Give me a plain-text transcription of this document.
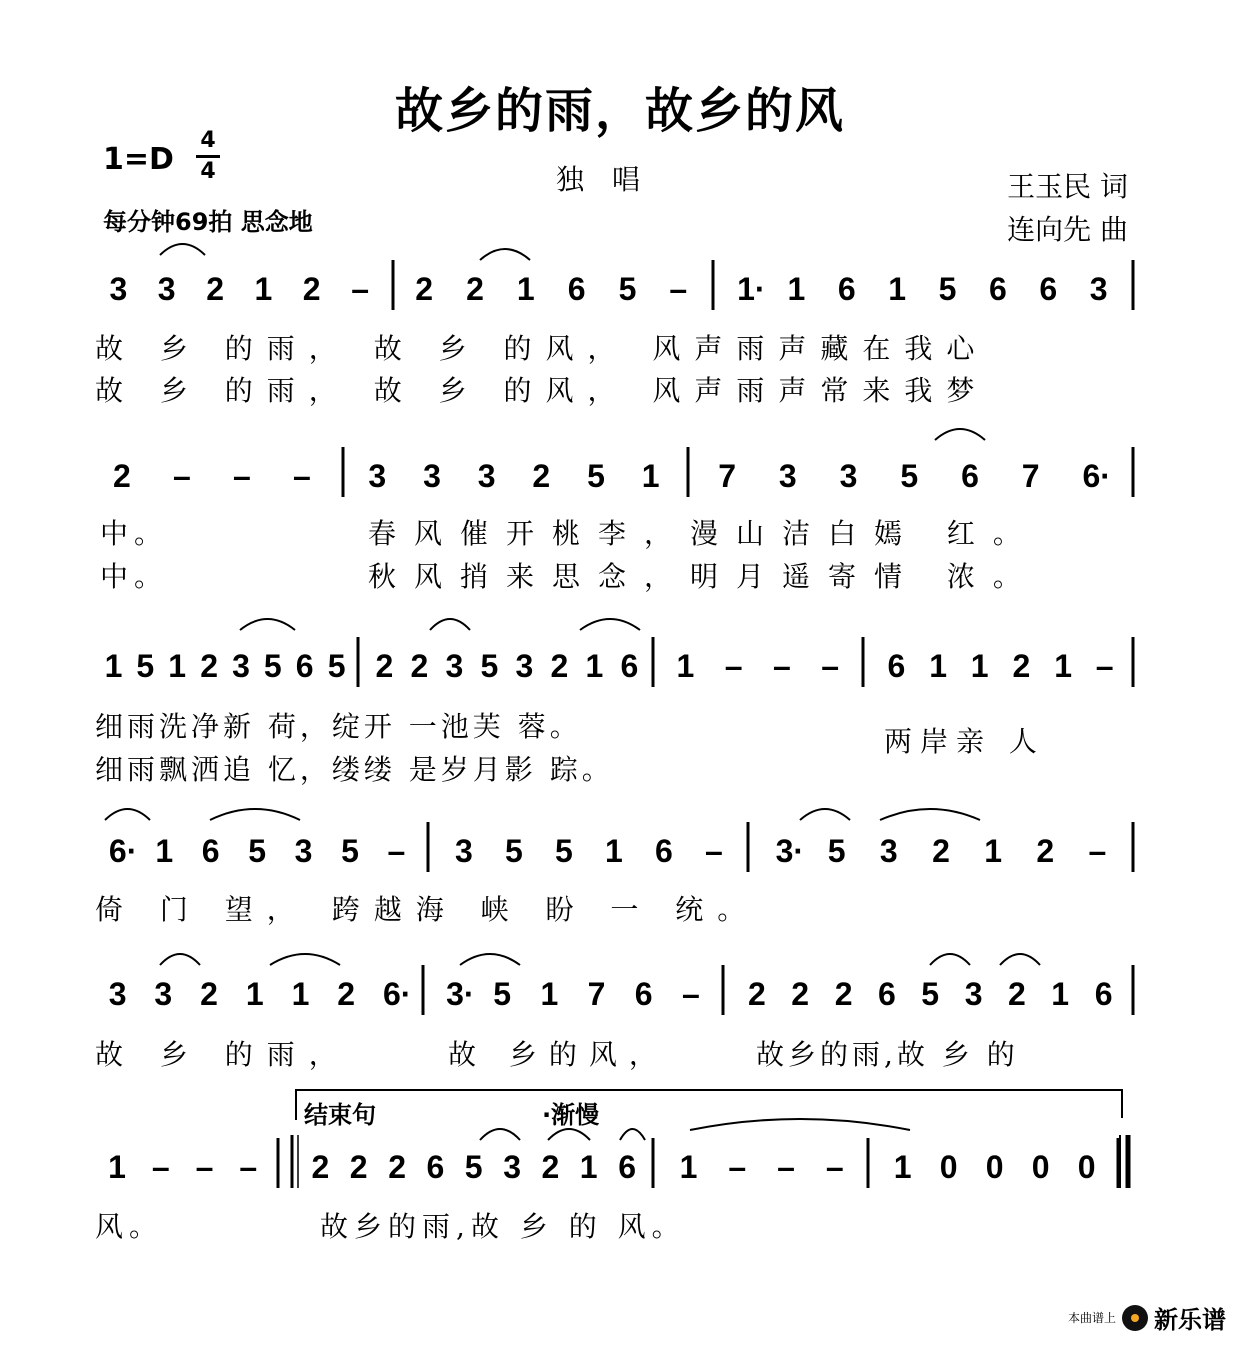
故乡的雨，故乡的风
1=D
4
4
每分钟69拍 思念地
独唱	王玉民 词
连向先 曲
3 3 2 1 2 – 2 2 1 6 5 – 1· 1 6 1 5 6 6 3
2 – – – 3 3 3 2 5 1 7 3 3 5 6 7 6·
1 5 1 2 3 5 6 5 2 2 3 5 3 2 1 6 1 – – – 6 1 1 2 1 –
6· 1 6 5 3 5 – 3 5 5 1 6 – 3· 5 3 2 1 2 –
3 3 2 1 1 2 6· 3· 5 1 7 6 – 2 2 2 6 5 3 2 1 6
1 – – – 2 2 2 6 5 3 2 1 6 1 – – – 1 0 0 0 0
故 乡 的雨， 故 乡 的风， 风声雨声藏在我心
故 乡 的雨， 故 乡 的风， 风声雨声常来我梦
中。	春风催开桃李，漫山洁白嫣 红。
中。	秋风捎来思念，明月遥寄情 浓。
细雨洗净新 荷，绽开 一池芙 蓉。
细雨飘洒追 忆，缕缕 是岁月影 踪。
两岸亲 人
倚 门 望， 跨越海 峡 盼 一 统。
故 乡 的雨，	故 乡的风，	故乡的雨,故 乡 的
风。	故乡的雨,故 乡 的 风。
结束句	·渐慢
本曲谱上 新乐谱
